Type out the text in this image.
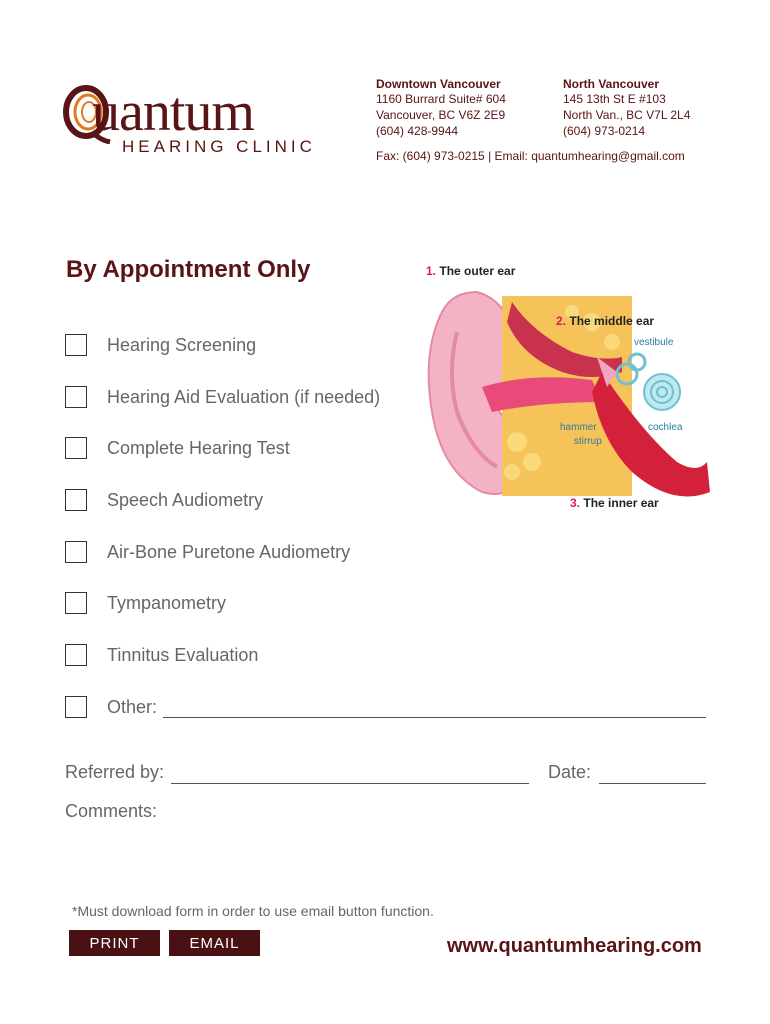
uantum
HEARING CLINIC
Downtown Vancouver
1160 Burrard Suite# 604
Vancouver, BC V6Z 2E9
(604) 428-9944
North Vancouver
145 13th St E #103
North Van., BC V7L 2L4
(604) 973-0214
Fax: (604) 973-0215 | Email: quantumhearing@gmail.com
By Appointment Only
Hearing Screening
Hearing Aid Evaluation (if needed)
Complete Hearing Test
Speech Audiometry
Air-Bone Puretone Audiometry
Tympanometry
Tinnitus Evaluation
Other:
Referred by:	Date:
Comments:
1. The outer ear
2. The middle ear
3. The inner ear
vestibule
hammer
stirrup
cochlea
*Must download form in order to use email button function.
PRINT	EMAIL	www.quantumhearing.com
